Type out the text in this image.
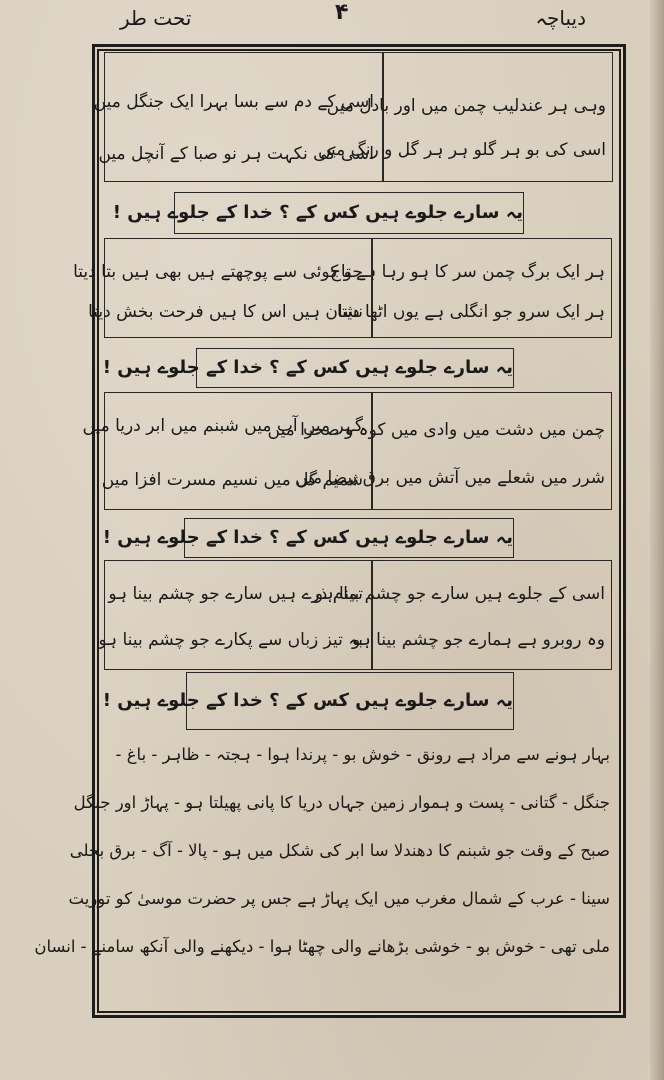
تحت طر	۴	دیباچہ
وہی ہر عندلیب چمن میں اور بادل میں
اسی کی بو ہر گلو ہر ہر گل و رنگ میں
اسی کے دم سے بسا بہرا ایک جنگل میں
اسی کی نکہت ہر نو صبا کے آنچل میں
یہ سارے جلوے ہیں کس کے ؟ خدا کے جلوے ہیں !
ہر ایک برگ چمن سر کا ہو رہا ہے تاج
ہر ایک سرو جو انگلی ہے یوں اٹھا دیتا
جو کوئی سے پوچھتے ہیں بھی ہیں بتا دیتا
نشان ہیں اس کا ہیں فرحت بخش دیتا
یہ سارے جلوے ہیں کس کے ؟ خدا کے جلوے ہیں !
چمن میں دشت میں وادی میں کوہ و صحرا میں
شرر میں شعلے میں آتش میں برق بیضا میں
گہر میں آب میں شبنم میں ابر دریا میں
شمیم گل میں نسیم مسرت افزا میں
یہ سارے جلوے ہیں کس کے ؟ خدا کے جلوے ہیں !
اسی کے جلوے ہیں سارے جو چشم بینا ہو
وہ روبرو ہے ہمارے جو چشم بینا ہو
تمام ذرے ہیں سارے جو چشم بینا ہو
بہ تیز زباں سے پکارے جو چشم بینا ہو
یہ سارے جلوے ہیں کس کے ؟ خدا کے جلوے ہیں !
بہار ہونے سے مراد ہے رونق - خوش بو - پرندا ہوا - ہجتہ - ظاہر - باغ -
جنگل - گتانی - پست و ہموار زمین جہاں دریا کا پانی پھیلتا ہو - پہاڑ اور جنگل
صبح کے وقت جو شبنم کا دھندلا سا ابر کی شکل میں ہو - پالا - آگ - برق بجلی
سینا - عرب کے شمال مغرب میں ایک پہاڑ ہے جس پر حضرت موسیٰ کو توریت
ملی تھی - خوش بو - خوشی بڑھانے والی چھٹا ہوا - دیکھنے والی آنکھ سامنے - انسان
